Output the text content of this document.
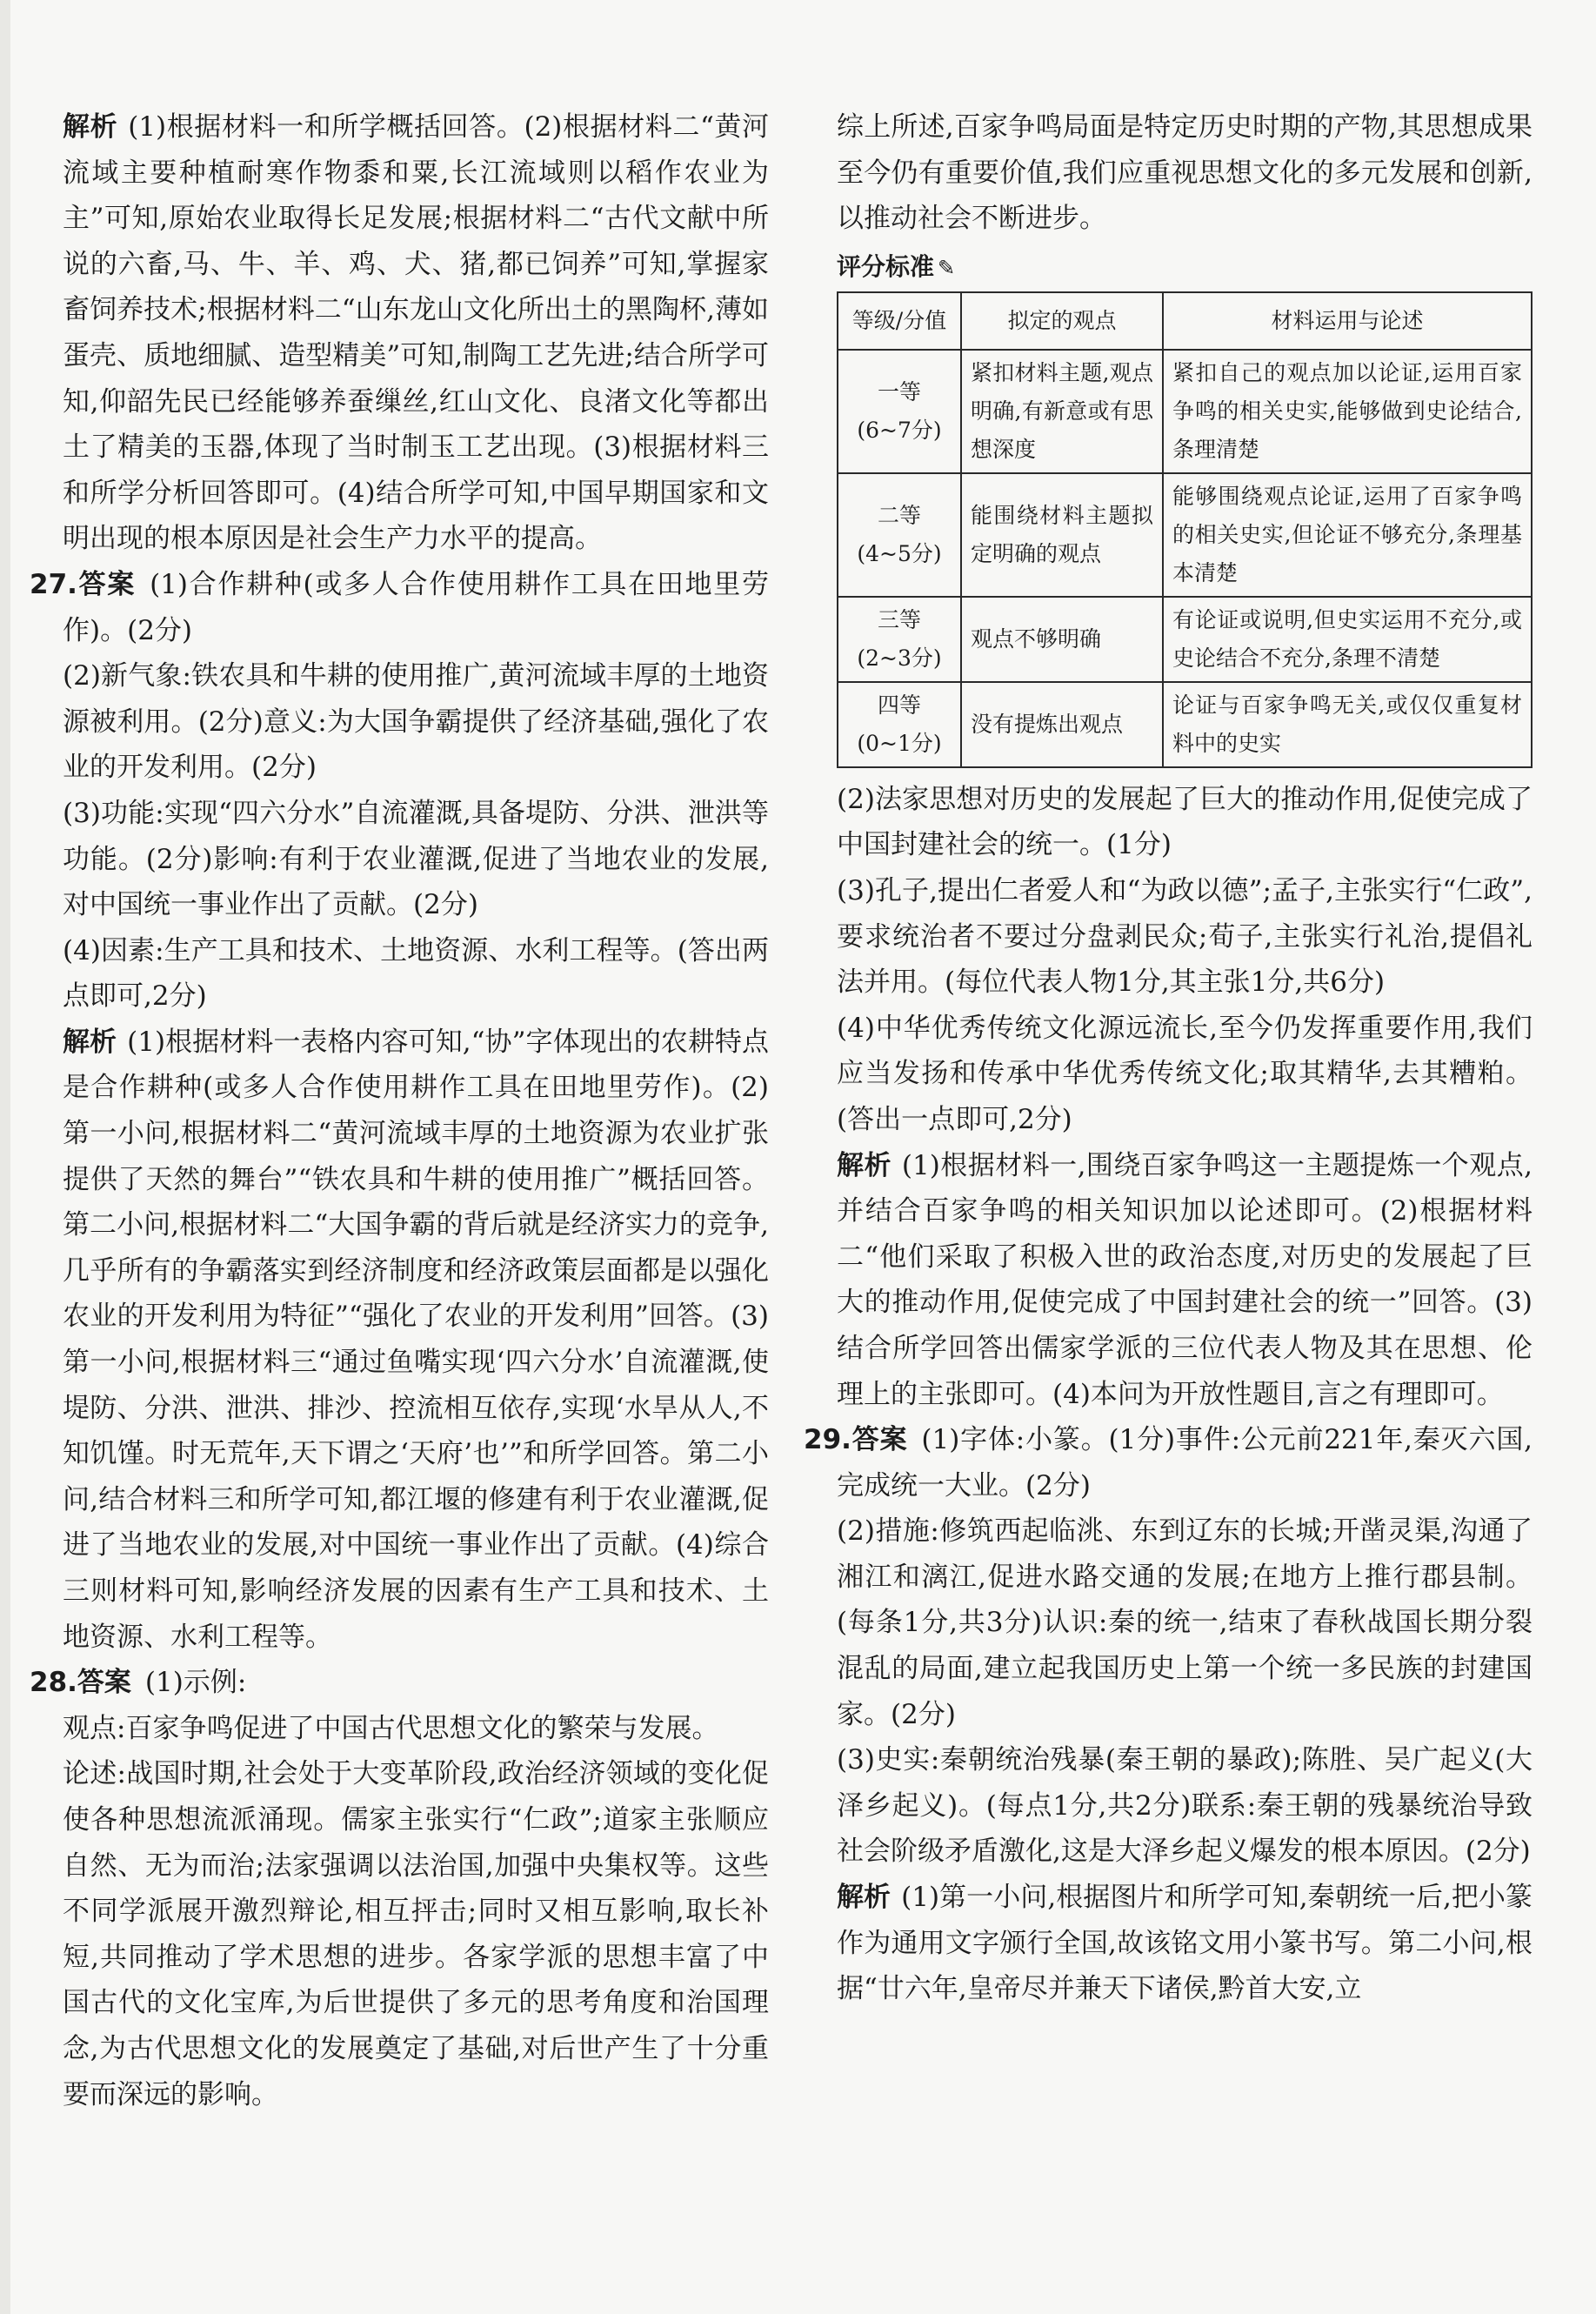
解析 (1)根据材料一和所学概括回答。(2)根据材料二“黄河流域主要种植耐寒作物黍和粟,长江流域则以稻作农业为主”可知,原始农业取得长足发展;根据材料二“古代文献中所说的六畜,马、牛、羊、鸡、犬、猪,都已饲养”可知,掌握家畜饲养技术;根据材料二“山东龙山文化所出土的黑陶杯,薄如蛋壳、质地细腻、造型精美”可知,制陶工艺先进;结合所学可知,仰韶先民已经能够养蚕缫丝,红山文化、良渚文化等都出土了精美的玉器,体现了当时制玉工艺出现。(3)根据材料三和所学分析回答即可。(4)结合所学可知,中国早期国家和文明出现的根本原因是社会生产力水平的提高。

27.答案 (1)合作耕种(或多人合作使用耕作工具在田地里劳作)。(2分)

(2)新气象:铁农具和牛耕的使用推广,黄河流域丰厚的土地资源被利用。(2分)意义:为大国争霸提供了经济基础,强化了农业的开发利用。(2分)

(3)功能:实现“四六分水”自流灌溉,具备堤防、分洪、泄洪等功能。(2分)影响:有利于农业灌溉,促进了当地农业的发展,对中国统一事业作出了贡献。(2分)

(4)因素:生产工具和技术、土地资源、水利工程等。(答出两点即可,2分)

解析 (1)根据材料一表格内容可知,“协”字体现出的农耕特点是合作耕种(或多人合作使用耕作工具在田地里劳作)。(2)第一小问,根据材料二“黄河流域丰厚的土地资源为农业扩张提供了天然的舞台”“铁农具和牛耕的使用推广”概括回答。第二小问,根据材料二“大国争霸的背后就是经济实力的竞争,几乎所有的争霸落实到经济制度和经济政策层面都是以强化农业的开发利用为特征”“强化了农业的开发利用”回答。(3)第一小问,根据材料三“通过鱼嘴实现‘四六分水’自流灌溉,使堤防、分洪、泄洪、排沙、控流相互依存,实现‘水旱从人,不知饥馑。时无荒年,天下谓之‘天府’也’”和所学回答。第二小问,结合材料三和所学可知,都江堰的修建有利于农业灌溉,促进了当地农业的发展,对中国统一事业作出了贡献。(4)综合三则材料可知,影响经济发展的因素有生产工具和技术、土地资源、水利工程等。

28.答案 (1)示例:

观点:百家争鸣促进了中国古代思想文化的繁荣与发展。

论述:战国时期,社会处于大变革阶段,政治经济领域的变化促使各种思想流派涌现。儒家主张实行“仁政”;道家主张顺应自然、无为而治;法家强调以法治国,加强中央集权等。这些不同学派展开激烈辩论,相互抨击;同时又相互影响,取长补短,共同推动了学术思想的进步。各家学派的思想丰富了中国古代的文化宝库,为后世提供了多元的思考角度和治国理念,为古代思想文化的发展奠定了基础,对后世产生了十分重要而深远的影响。

综上所述,百家争鸣局面是特定历史时期的产物,其思想成果至今仍有重要价值,我们应重视思想文化的多元发展和创新,以推动社会不断进步。

评分标准 ✎
等级/分值	拟定的观点	材料运用与论述

一等
(6~7分)	紧扣材料主题,观点明确,有新意或有思想深度	紧扣自己的观点加以论证,运用百家争鸣的相关史实,能够做到史论结合,条理清楚

二等
(4~5分)	能围绕材料主题拟定明确的观点	能够围绕观点论证,运用了百家争鸣的相关史实,但论证不够充分,条理基本清楚

三等
(2~3分)	观点不够明确	有论证或说明,但史实运用不充分,或史论结合不充分,条理不清楚

四等
(0~1分)	没有提炼出观点	论证与百家争鸣无关,或仅仅重复材料中的史实

(2)法家思想对历史的发展起了巨大的推动作用,促使完成了中国封建社会的统一。(1分)

(3)孔子,提出仁者爱人和“为政以德”;孟子,主张实行“仁政”,要求统治者不要过分盘剥民众;荀子,主张实行礼治,提倡礼法并用。(每位代表人物1分,其主张1分,共6分)

(4)中华优秀传统文化源远流长,至今仍发挥重要作用,我们应当发扬和传承中华优秀传统文化;取其精华,去其糟粕。(答出一点即可,2分)

解析 (1)根据材料一,围绕百家争鸣这一主题提炼一个观点,并结合百家争鸣的相关知识加以论述即可。(2)根据材料二“他们采取了积极入世的政治态度,对历史的发展起了巨大的推动作用,促使完成了中国封建社会的统一”回答。(3)结合所学回答出儒家学派的三位代表人物及其在思想、伦理上的主张即可。(4)本问为开放性题目,言之有理即可。

29.答案 (1)字体:小篆。(1分)事件:公元前221年,秦灭六国,完成统一大业。(2分)

(2)措施:修筑西起临洮、东到辽东的长城;开凿灵渠,沟通了湘江和漓江,促进水路交通的发展;在地方上推行郡县制。(每条1分,共3分)认识:秦的统一,结束了春秋战国长期分裂混乱的局面,建立起我国历史上第一个统一多民族的封建国家。(2分)

(3)史实:秦朝统治残暴(秦王朝的暴政);陈胜、吴广起义(大泽乡起义)。(每点1分,共2分)联系:秦王朝的残暴统治导致社会阶级矛盾激化,这是大泽乡起义爆发的根本原因。(2分)

解析 (1)第一小问,根据图片和所学可知,秦朝统一后,把小篆作为通用文字颁行全国,故该铭文用小篆书写。第二小问,根据“廿六年,皇帝尽并兼天下诸侯,黔首大安,立
